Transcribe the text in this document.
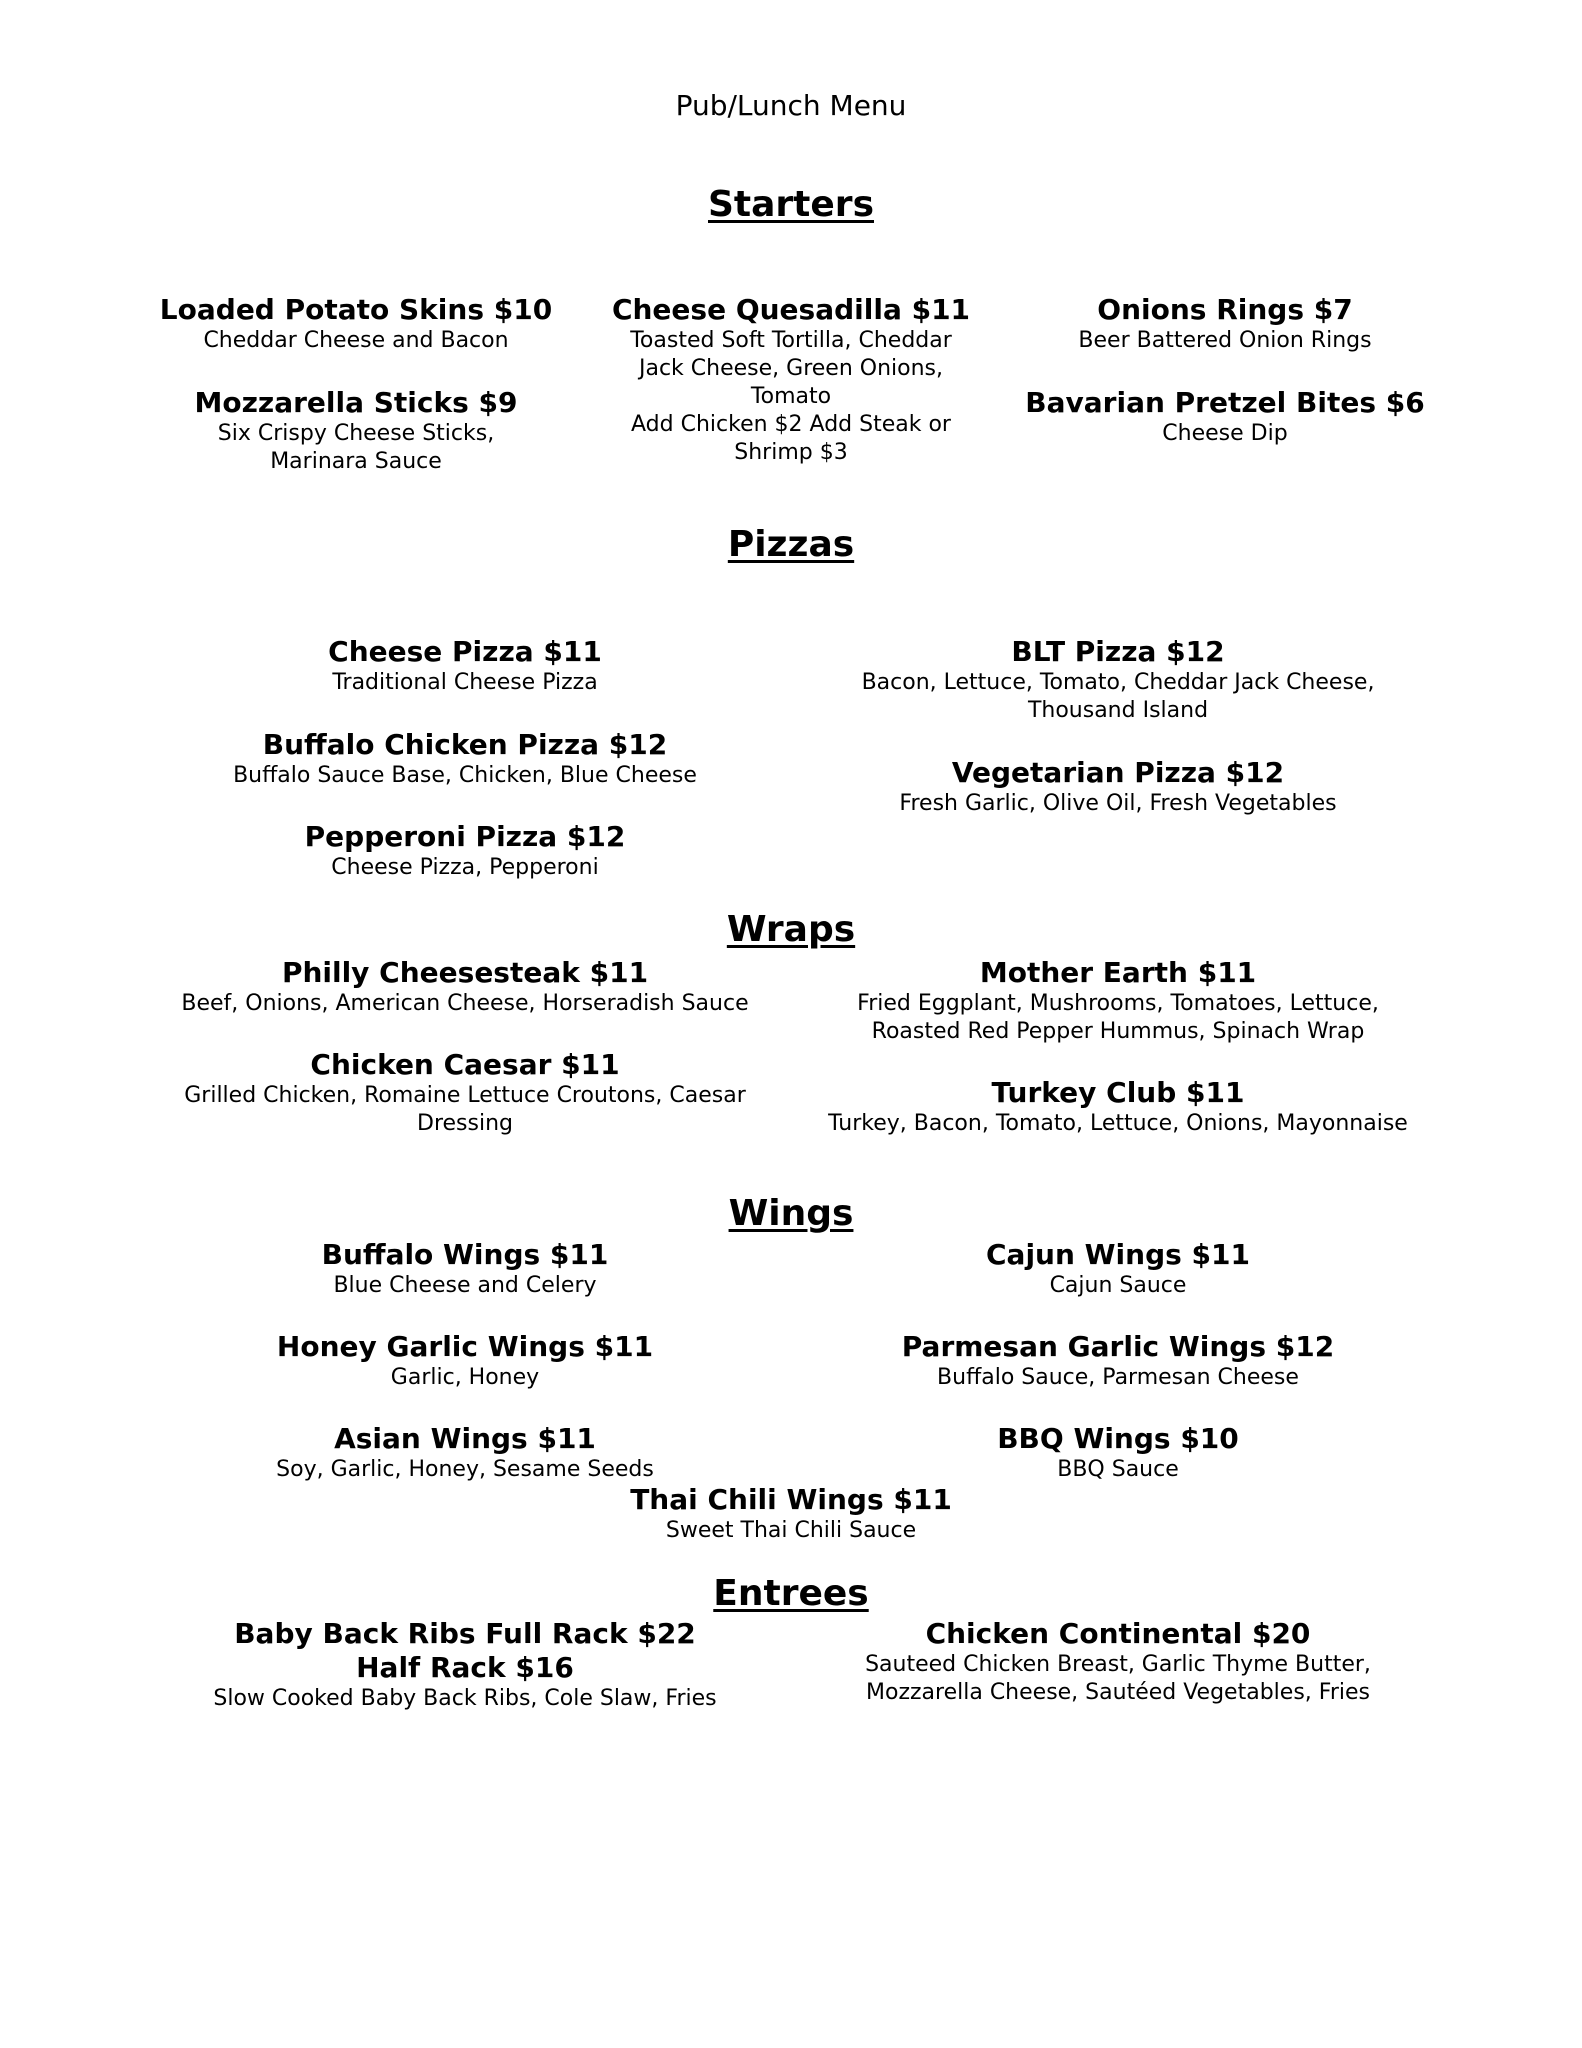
Pub/Lunch Menu
Starters
Loaded Potato Skins $10
Cheddar Cheese and Bacon
Mozzarella Sticks $9
Six Crispy Cheese Sticks,
Marinara Sauce
Cheese Quesadilla $11
Toasted Soft Tortilla, Cheddar
Jack Cheese, Green Onions,
Tomato
Add Chicken $2 Add Steak or
Shrimp $3
Onions Rings $7
Beer Battered Onion Rings
Bavarian Pretzel Bites $6
Cheese Dip
Pizzas
Cheese Pizza $11
Traditional Cheese Pizza
Buffalo Chicken Pizza $12
Buffalo Sauce Base, Chicken, Blue Cheese
Pepperoni Pizza $12
Cheese Pizza, Pepperoni
BLT Pizza $12
Bacon, Lettuce, Tomato, Cheddar Jack Cheese,
Thousand Island
Vegetarian Pizza $12
Fresh Garlic, Olive Oil, Fresh Vegetables
Wraps
Philly Cheesesteak $11
Beef, Onions, American Cheese, Horseradish Sauce
Chicken Caesar $11
Grilled Chicken, Romaine Lettuce Croutons, Caesar
Dressing
Mother Earth $11
Fried Eggplant, Mushrooms, Tomatoes, Lettuce,
Roasted Red Pepper Hummus, Spinach Wrap
Turkey Club $11
Turkey, Bacon, Tomato, Lettuce, Onions, Mayonnaise
Wings
Buffalo Wings $11
Blue Cheese and Celery
Honey Garlic Wings $11
Garlic, Honey
Asian Wings $11
Soy, Garlic, Honey, Sesame Seeds
Cajun Wings $11
Cajun Sauce
Parmesan Garlic Wings $12
Buffalo Sauce, Parmesan Cheese
BBQ Wings $10
BBQ Sauce
Thai Chili Wings $11
Sweet Thai Chili Sauce
Entrees
Baby Back Ribs Full Rack $22
Half Rack $16
Slow Cooked Baby Back Ribs, Cole Slaw, Fries
Chicken Continental $20
Sauteed Chicken Breast, Garlic Thyme Butter,
Mozzarella Cheese, Sautéed Vegetables, Fries
